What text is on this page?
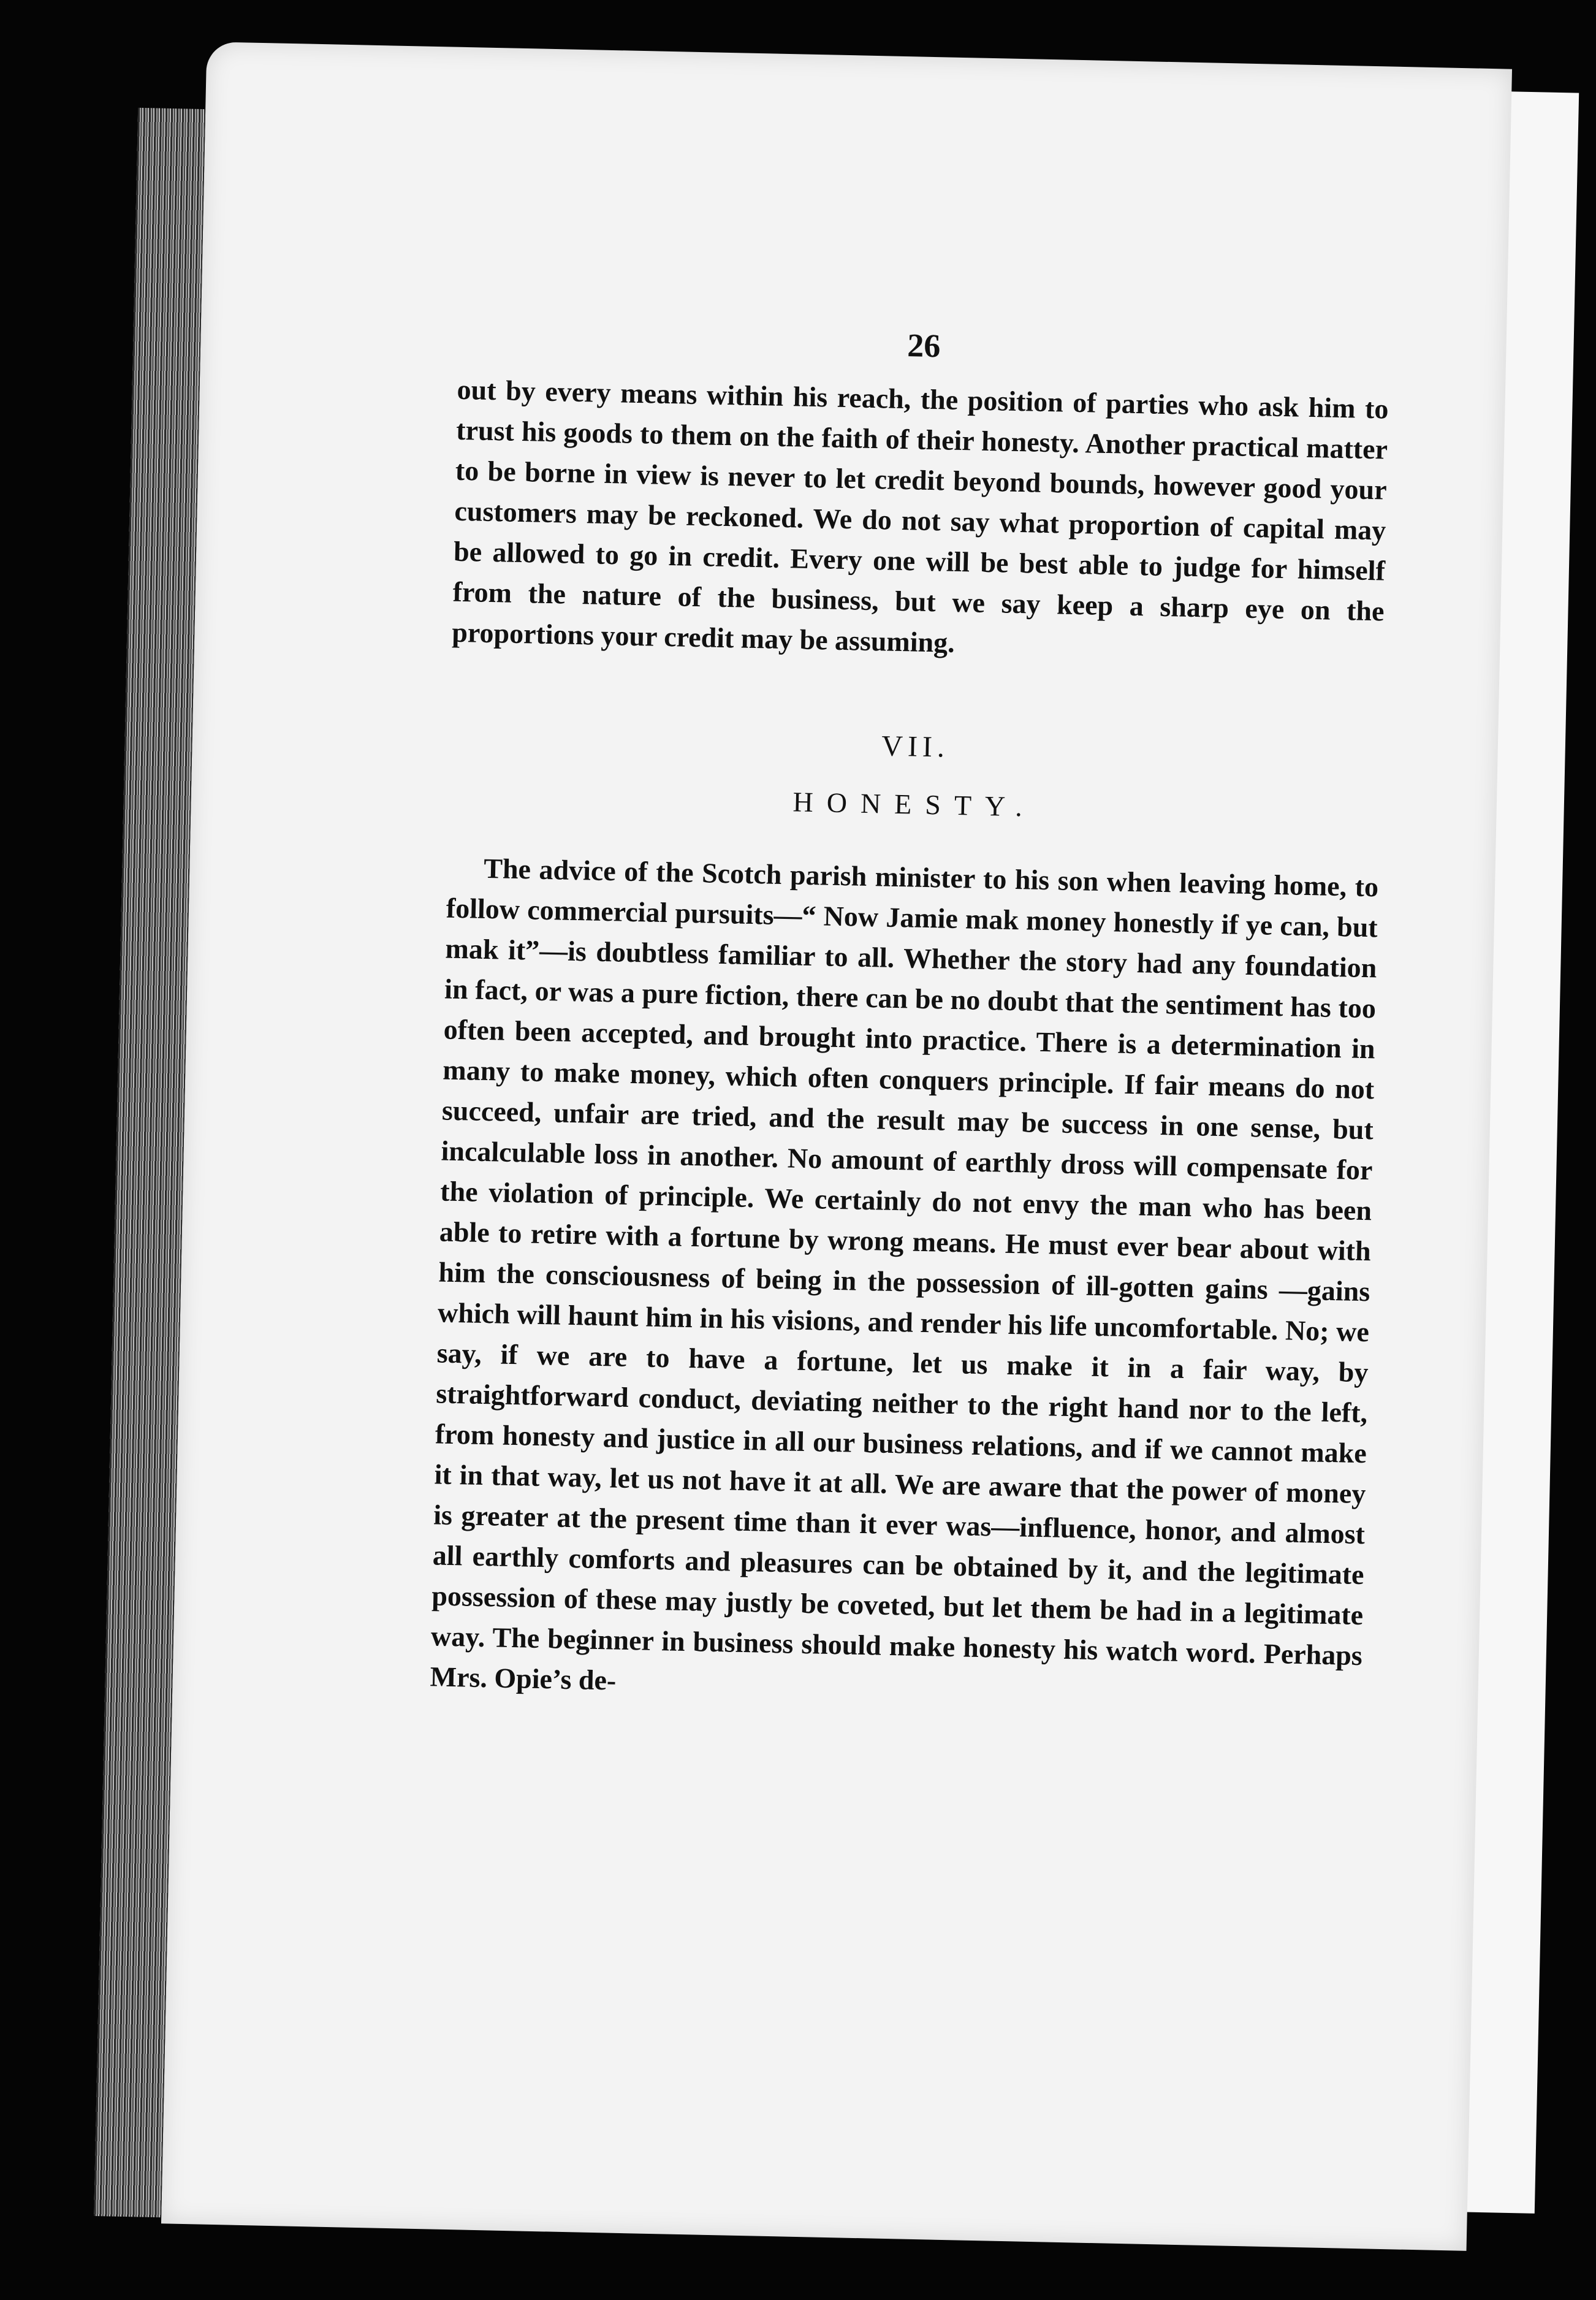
26

out by every means within his reach, the position of parties who ask him to trust his goods to them on the faith of their honesty. Another practical matter to be borne in view is never to let credit beyond bounds, however good your customers may be reckoned. We do not say what proportion of capital may be allowed to go in credit. Every one will be best able to judge for himself from the nature of the business, but we say keep a sharp eye on the proportions your credit may be assuming.

VII.
HONESTY.

The advice of the Scotch parish minister to his son when leaving home, to follow commercial pursuits—“ Now Jamie mak money honestly if ye can, but mak it”—is doubtless familiar to all. Whether the story had any foundation in fact, or was a pure fiction, there can be no doubt that the sentiment has too often been accepted, and brought into practice. There is a determination in many to make money, which often conquers principle. If fair means do not succeed, unfair are tried, and the result may be success in one sense, but incalculable loss in another. No amount of earthly dross will compensate for the violation of principle. We certainly do not envy the man who has been able to retire with a fortune by wrong means. He must ever bear about with him the consciousness of being in the possession of ill-gotten gains —gains which will haunt him in his visions, and render his life uncomfortable. No; we say, if we are to have a fortune, let us make it in a fair way, by straightforward conduct, deviating neither to the right hand nor to the left, from honesty and justice in all our business relations, and if we cannot make it in that way, let us not have it at all. We are aware that the power of money is greater at the present time than it ever was—influence, honor, and almost all earthly comforts and pleasures can be obtained by it, and the legitimate possession of these may justly be coveted, but let them be had in a legitimate way. The beginner in business should make honesty his watch word. Perhaps Mrs. Opie’s de-
